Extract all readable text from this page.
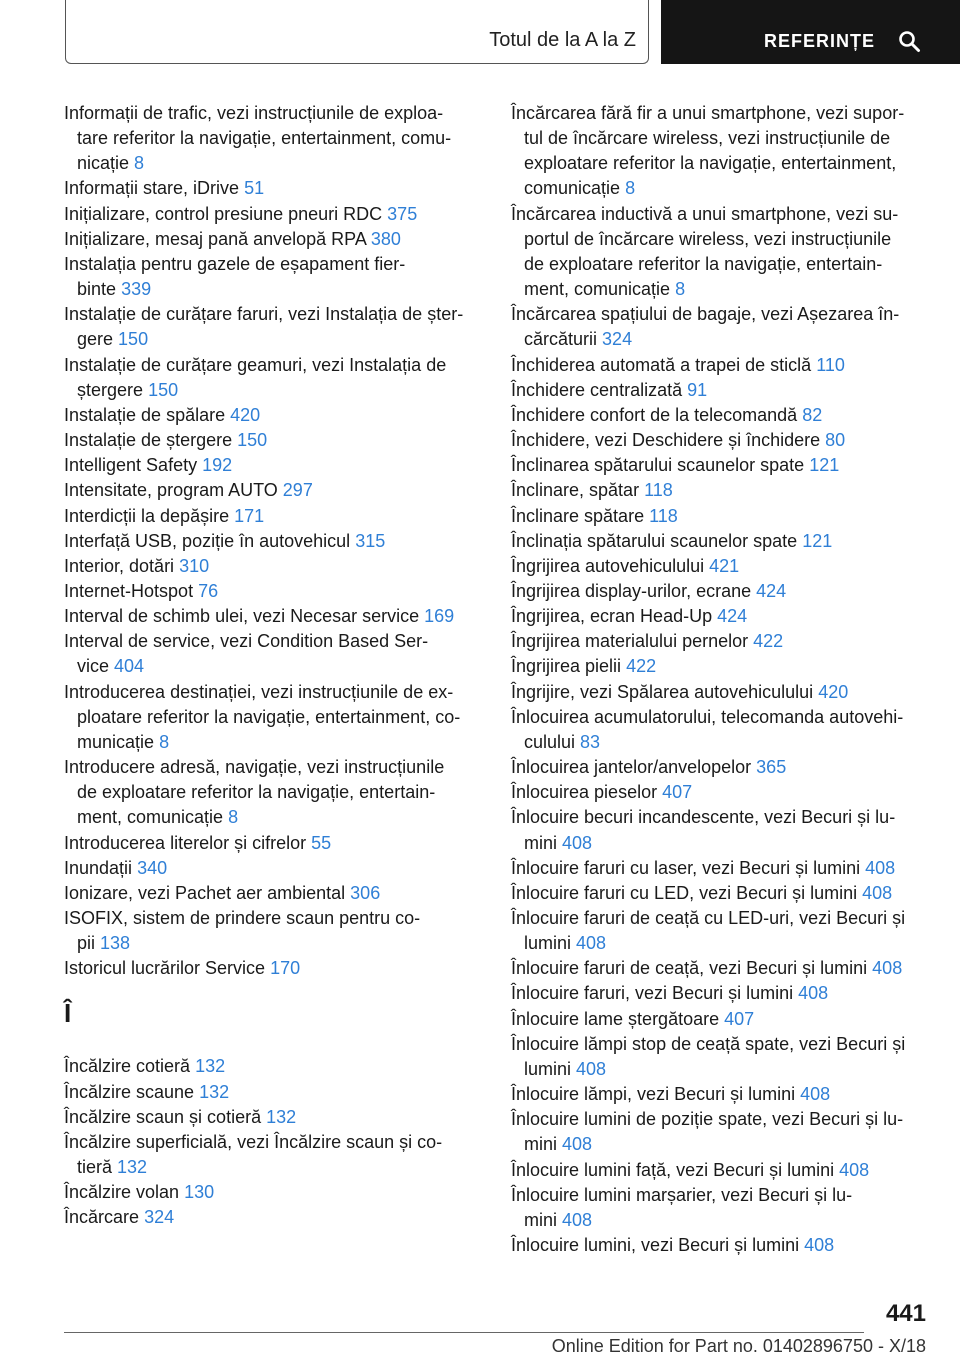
Totul de la A la Z	REFERINȚE
Informații de trafic, vezi instrucțiunile de exploa-
tare referitor la navigație, entertainment, comu-
nicație 8
Informații stare, iDrive 51
Inițializare, control presiune pneuri RDC 375
Inițializare, mesaj pană anvelopă RPA 380
Instalația pentru gazele de eșapament fier-
binte 339
Instalație de curățare faruri, vezi Instalația de șter-
gere 150
Instalație de curățare geamuri, vezi Instalația de
ștergere 150
Instalație de spălare 420
Instalație de ștergere 150
Intelligent Safety 192
Intensitate, program AUTO 297
Interdicții la depășire 171
Interfață USB, poziție în autovehicul 315
Interior, dotări 310
Internet-Hotspot 76
Interval de schimb ulei, vezi Necesar service 169
Interval de service, vezi Condition Based Ser-
vice 404
Introducerea destinației, vezi instrucțiunile de ex-
ploatare referitor la navigație, entertainment, co-
municație 8
Introducere adresă, navigație, vezi instrucțiunile
de exploatare referitor la navigație, entertain-
ment, comunicație 8
Introducerea literelor și cifrelor 55
Inundații 340
Ionizare, vezi Pachet aer ambiental 306
ISOFIX, sistem de prindere scaun pentru co-
pii 138
Istoricul lucrărilor Service 170
Î
Încălzire cotieră 132
Încălzire scaune 132
Încălzire scaun și cotieră 132
Încălzire superficială, vezi Încălzire scaun și co-
tieră 132
Încălzire volan 130
Încărcare 324
Încărcarea fără fir a unui smartphone, vezi supor-
tul de încărcare wireless, vezi instrucțiunile de
exploatare referitor la navigație, entertainment,
comunicație 8
Încărcarea inductivă a unui smartphone, vezi su-
portul de încărcare wireless, vezi instrucțiunile
de exploatare referitor la navigație, entertain-
ment, comunicație 8
Încărcarea spațiului de bagaje, vezi Așezarea în-
cărcăturii 324
Închiderea automată a trapei de sticlă 110
Închidere centralizată 91
Închidere confort de la telecomandă 82
Închidere, vezi Deschidere și închidere 80
Înclinarea spătarului scaunelor spate 121
Înclinare, spătar 118
Înclinare spătare 118
Înclinația spătarului scaunelor spate 121
Îngrijirea autovehiculului 421
Îngrijirea display-urilor, ecrane 424
Îngrijirea, ecran Head-Up 424
Îngrijirea materialului pernelor 422
Îngrijirea pielii 422
Îngrijire, vezi Spălarea autovehiculului 420
Înlocuirea acumulatorului, telecomanda autovehi-
culului 83
Înlocuirea jantelor/anvelopelor 365
Înlocuirea pieselor 407
Înlocuire becuri incandescente, vezi Becuri și lu-
mini 408
Înlocuire faruri cu laser, vezi Becuri și lumini 408
Înlocuire faruri cu LED, vezi Becuri și lumini 408
Înlocuire faruri de ceață cu LED-uri, vezi Becuri și
lumini 408
Înlocuire faruri de ceață, vezi Becuri și lumini 408
Înlocuire faruri, vezi Becuri și lumini 408
Înlocuire lame ștergătoare 407
Înlocuire lămpi stop de ceață spate, vezi Becuri și
lumini 408
Înlocuire lămpi, vezi Becuri și lumini 408
Înlocuire lumini de poziție spate, vezi Becuri și lu-
mini 408
Înlocuire lumini față, vezi Becuri și lumini 408
Înlocuire lumini marșarier, vezi Becuri și lu-
mini 408
Înlocuire lumini, vezi Becuri și lumini 408
441
Online Edition for Part no. 01402896750 - X/18
